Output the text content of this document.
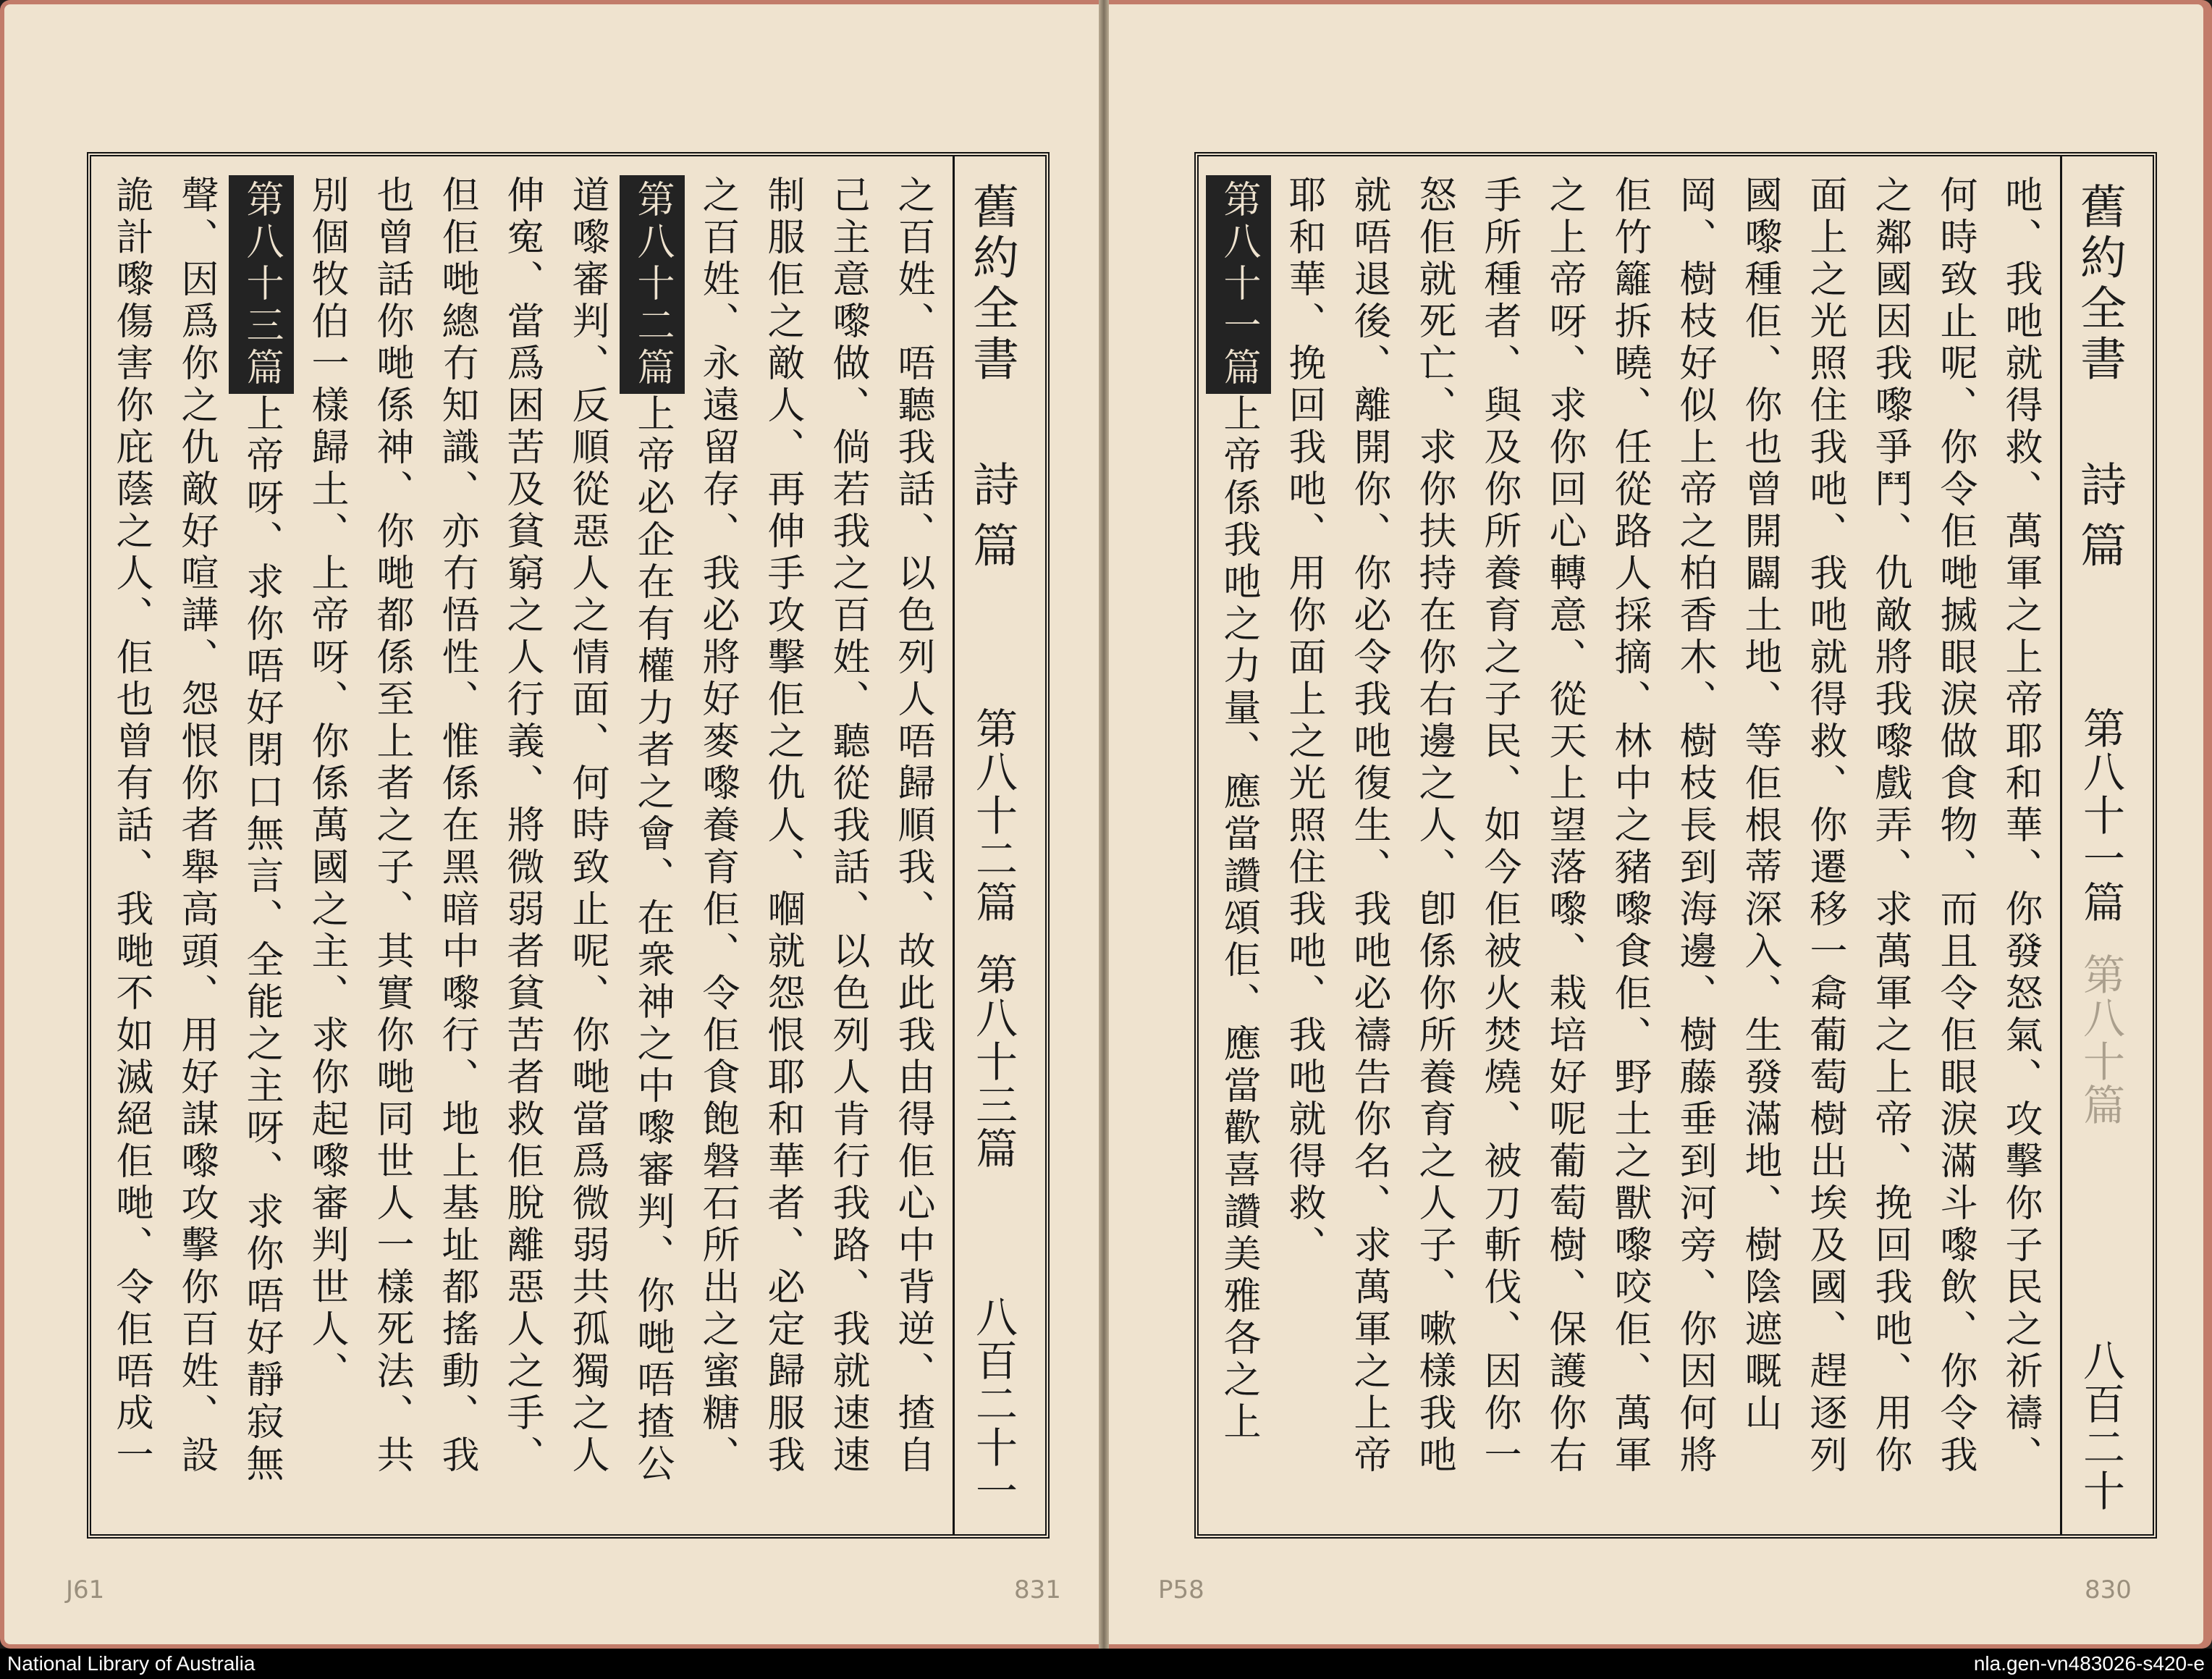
J61	831	P58	830
舊約全書
詩篇
第八十二篇
第八十三篇
八百二十一

之百姓、唔聽我話、以色列人唔歸順我、故此我由得佢心中背逆、揸自己主意嚟做、倘若我之百姓、聽從我話、以色列人肯行我路、我就速速制服佢之敵人、再伸手攻擊佢之仇人、嗰就怨恨耶和華者、必定歸服我之百姓、永遠留存、我必將好麥嚟養育佢、令佢食飽磐石所出之蜜糖、

第八十二篇上帝必企在有權力者之會、在衆神之中嚟審判、你哋唔揸公道嚟審判、反順從惡人之情面、何時致止呢、你哋當爲微弱共孤獨之人伸寃、當爲困苦及貧窮之人行義、將微弱者貧苦者救佢脫離惡人之手、但佢哋總冇知識、亦冇悟性、惟係在黑暗中嚟行、地上基址都搖動、我也曾話你哋係神、你哋都係至上者之子、其實你哋同世人一樣死法、共別個牧伯一樣歸土、上帝呀、你係萬國之主、求你起嚟審判世人、

第八十三篇上帝呀、求你唔好閉口無言、全能之主呀、求你唔好靜寂無聲、因爲你之仇敵好喧譁、怨恨你者舉高頭、用好謀嚟攻擊你百姓、設詭計嚟傷害你庇蔭之人、佢也曾有話、我哋不如滅絕佢哋、令佢唔成一

舊約全書
詩篇
第八十一篇
第八十篇
八百二十

吔、我吔就得救、萬軍之上帝耶和華、你發怒氣、攻擊你子民之祈禱、何時致止呢、你令佢哋搣眼淚做食物、而且令佢眼淚滿斗嚟飲、你令我之鄰國因我嚟爭鬥、仇敵將我嚟戲弄、求萬軍之上帝、挽回我吔、用你面上之光照住我吔、我吔就得救、你遷移一樖葡萄樹出埃及國、趕逐列國嚟種佢、你也曾開闢土地、等佢根蒂深入、生發滿地、樹陰遮嘅山岡、樹枝好似上帝之柏香木、樹枝長到海邊、樹藤垂到河旁、你因何將佢竹籬拆曉、任從路人採摘、林中之豬嚟食佢、野土之獸嚟咬佢、萬軍之上帝呀、求你回心轉意、從天上望落嚟、栽培好呢葡萄樹、保護你右手所種者、與及你所養育之子民、如今佢被火焚燒、被刀斬伐、因你一怒佢就死亡、求你扶持在你右邊之人、卽係你所養育之人子、嗽樣我吔就唔退後、離開你、你必令我吔復生、我吔必禱告你名、求萬軍之上帝耶和華、挽回我吔、用你面上之光照住我吔、我吔就得救、

第八十一篇上帝係我吔之力量、應當讚頌佢、應當歡喜讚美雅各之上

National Library of Australia	nla.gen-vn483026-s420-e
